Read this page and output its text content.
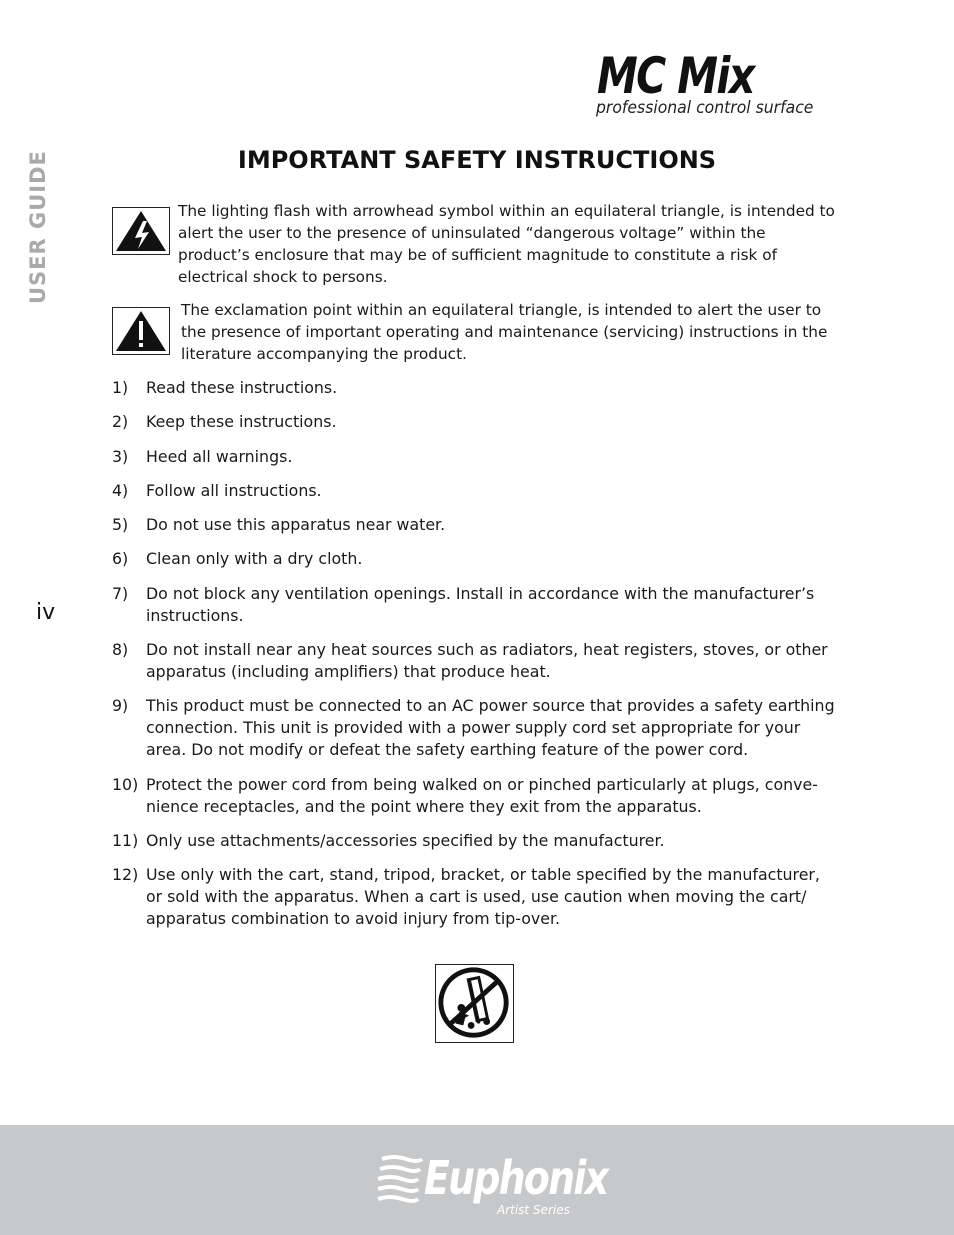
MC Mix
professional control surface
USER GUIDE
iv
IMPORTANT SAFETY INSTRUCTIONS
The lighting flash with arrowhead symbol within an equilateral triangle, is intended to alert the user to the presence of uninsulated “dangerous voltage” within the product’s enclosure that may be of sufficient magnitude to constitute a risk of electrical shock to persons.
The exclamation point within an equilateral triangle, is intended to alert the user to the presence of important operating and maintenance (servicing) instructions in the literature accompanying the product.
1) Read these instructions.
2) Keep these instructions.
3) Heed all warnings.
4) Follow all instructions.
5) Do not use this apparatus near water.
6) Clean only with a dry cloth.
7) Do not block any ventilation openings. Install in accordance with the manufacturer’s instructions.
8) Do not install near any heat sources such as radiators, heat registers, stoves, or other apparatus (including amplifiers) that produce heat.
9) This product must be connected to an AC power source that provides a safety earthing connection. This unit is provided with a power supply cord set appropriate for your area. Do not modify or defeat the safety earthing feature of the power cord.
10) Protect the power cord from being walked on or pinched particularly at plugs, conve-nience receptacles, and the point where they exit from the apparatus.
11) Only use attachments/accessories specified by the manufacturer.
12) Use only with the cart, stand, tripod, bracket, or table specified by the manufacturer, or sold with the apparatus. When a cart is used, use caution when moving the cart/ apparatus combination to avoid injury from tip-over.
Euphonix
Artist Series
